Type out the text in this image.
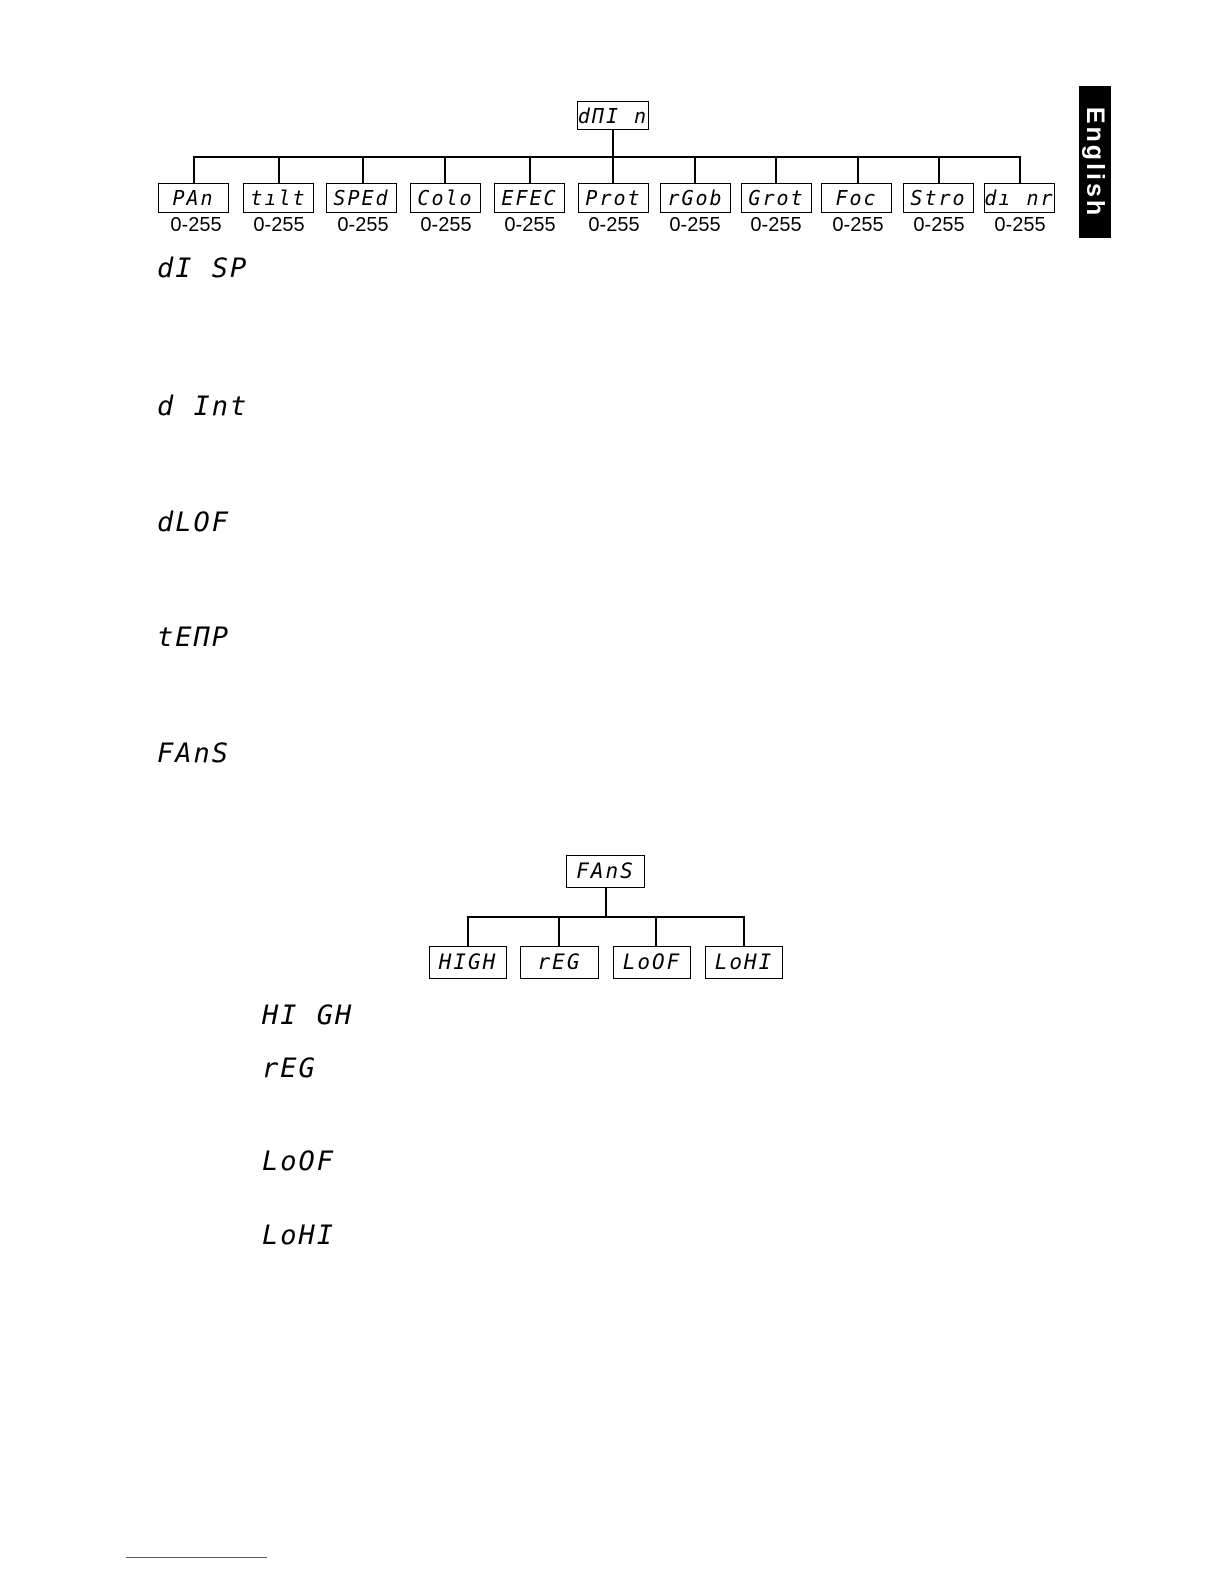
English
dΠI n
PAn
0-255
tılt
0-255
SPEd
0-255
Colo
0-255
EFEC
0-255
Prot
0-255
rGob
0-255
Grot
0-255
Foc
0-255
Stro
0-255
dı nr
0-255
dI SP
d Int
dLOF
tEΠP
FAnS
FAnS
HIGH	rEG	LoOF	LoHI
HI GH
rEG
LoOF
LoHI
